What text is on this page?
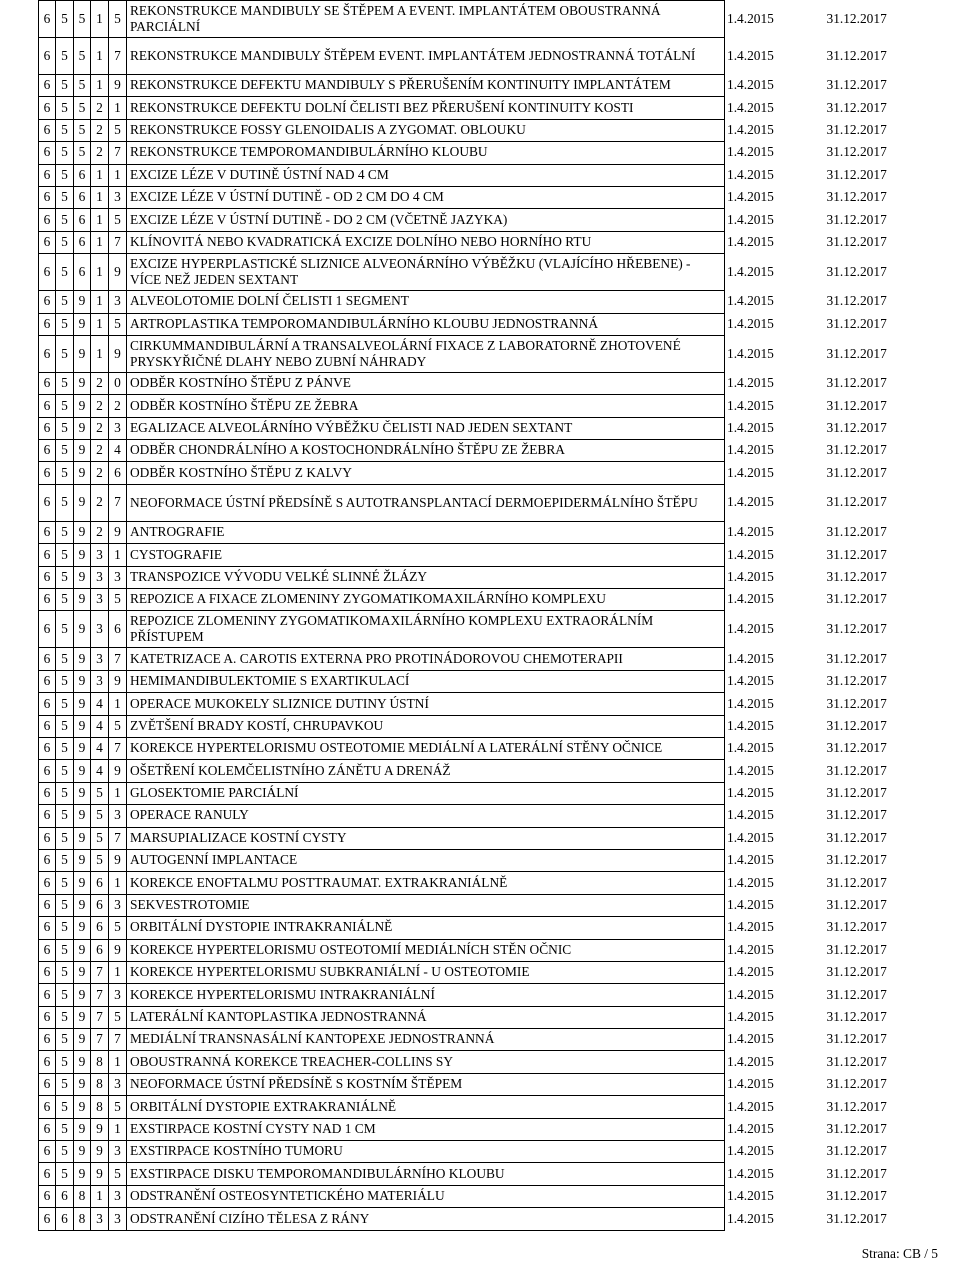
6	5	5	1	5	REKONSTRUKCE MANDIBULY SE ŠTĚPEM A EVENT. IMPLANTÁTEM OBOUSTRANNÁ PARCIÁLNÍ	1.4.2015	31.12.2017
6	5	5	1	7	REKONSTRUKCE MANDIBULY ŠTĚPEM EVENT. IMPLANTÁTEM JEDNOSTRANNÁ TOTÁLNÍ	1.4.2015	31.12.2017
6	5	5	1	9	REKONSTRUKCE DEFEKTU MANDIBULY S PŘERUŠENÍM KONTINUITY IMPLANTÁTEM	1.4.2015	31.12.2017
6	5	5	2	1	REKONSTRUKCE DEFEKTU DOLNÍ ČELISTI BEZ PŘERUŠENÍ KONTINUITY KOSTI	1.4.2015	31.12.2017
6	5	5	2	5	REKONSTRUKCE FOSSY GLENOIDALIS A ZYGOMAT. OBLOUKU	1.4.2015	31.12.2017
6	5	5	2	7	REKONSTRUKCE TEMPOROMANDIBULÁRNÍHO KLOUBU	1.4.2015	31.12.2017
6	5	6	1	1	EXCIZE LÉZE V DUTINĚ ÚSTNÍ NAD 4 CM	1.4.2015	31.12.2017
6	5	6	1	3	EXCIZE LÉZE V ÚSTNÍ DUTINĚ - OD 2 CM DO 4 CM	1.4.2015	31.12.2017
6	5	6	1	5	EXCIZE LÉZE V ÚSTNÍ DUTINĚ - DO 2 CM (VČETNĚ JAZYKA)	1.4.2015	31.12.2017
6	5	6	1	7	KLÍNOVITÁ NEBO KVADRATICKÁ EXCIZE DOLNÍHO NEBO HORNÍHO RTU	1.4.2015	31.12.2017
6	5	6	1	9	EXCIZE HYPERPLASTICKÉ SLIZNICE ALVEONÁRNÍHO VÝBĚŽKU (VLAJÍCÍHO HŘEBENE) - VÍCE NEŽ JEDEN SEXTANT	1.4.2015	31.12.2017
6	5	9	1	3	ALVEOLOTOMIE DOLNÍ ČELISTI 1 SEGMENT	1.4.2015	31.12.2017
6	5	9	1	5	ARTROPLASTIKA TEMPOROMANDIBULÁRNÍHO KLOUBU JEDNOSTRANNÁ	1.4.2015	31.12.2017
6	5	9	1	9	CIRKUMMANDIBULÁRNÍ A TRANSALVEOLÁRNÍ FIXACE Z LABORATORNĚ ZHOTOVENÉ PRYSKYŘIČNÉ DLAHY NEBO ZUBNÍ NÁHRADY	1.4.2015	31.12.2017
6	5	9	2	0	ODBĚR KOSTNÍHO ŠTĚPU Z PÁNVE	1.4.2015	31.12.2017
6	5	9	2	2	ODBĚR KOSTNÍHO ŠTĚPU ZE ŽEBRA	1.4.2015	31.12.2017
6	5	9	2	3	EGALIZACE ALVEOLÁRNÍHO VÝBĚŽKU ČELISTI NAD JEDEN SEXTANT	1.4.2015	31.12.2017
6	5	9	2	4	ODBĚR CHONDRÁLNÍHO A KOSTOCHONDRÁLNÍHO ŠTĚPU ZE ŽEBRA	1.4.2015	31.12.2017
6	5	9	2	6	ODBĚR KOSTNÍHO ŠTĚPU Z KALVY	1.4.2015	31.12.2017
6	5	9	2	7	NEOFORMACE ÚSTNÍ PŘEDSÍNĚ S AUTOTRANSPLANTACÍ DERMOEPIDERMÁLNÍHO ŠTĚPU	1.4.2015	31.12.2017
6	5	9	2	9	ANTROGRAFIE	1.4.2015	31.12.2017
6	5	9	3	1	CYSTOGRAFIE	1.4.2015	31.12.2017
6	5	9	3	3	TRANSPOZICE VÝVODU VELKÉ SLINNÉ ŽLÁZY	1.4.2015	31.12.2017
6	5	9	3	5	REPOZICE A FIXACE ZLOMENINY ZYGOMATIKOMAXILÁRNÍHO KOMPLEXU	1.4.2015	31.12.2017
6	5	9	3	6	REPOZICE ZLOMENINY ZYGOMATIKOMAXILÁRNÍHO KOMPLEXU EXTRAORÁLNÍM PŘÍSTUPEM	1.4.2015	31.12.2017
6	5	9	3	7	KATETRIZACE A. CAROTIS EXTERNA PRO PROTINÁDOROVOU CHEMOTERAPII	1.4.2015	31.12.2017
6	5	9	3	9	HEMIMANDIBULEKTOMIE S EXARTIKULACÍ	1.4.2015	31.12.2017
6	5	9	4	1	OPERACE MUKOKELY SLIZNICE DUTINY ÚSTNÍ	1.4.2015	31.12.2017
6	5	9	4	5	ZVĚTŠENÍ BRADY KOSTÍ, CHRUPAVKOU	1.4.2015	31.12.2017
6	5	9	4	7	KOREKCE HYPERTELORISMU OSTEOTOMIE MEDIÁLNÍ A LATERÁLNÍ STĚNY OČNICE	1.4.2015	31.12.2017
6	5	9	4	9	OŠETŘENÍ KOLEMČELISTNÍHO ZÁNĚTU A DRENÁŽ	1.4.2015	31.12.2017
6	5	9	5	1	GLOSEKTOMIE PARCIÁLNÍ	1.4.2015	31.12.2017
6	5	9	5	3	OPERACE RANULY	1.4.2015	31.12.2017
6	5	9	5	7	MARSUPIALIZACE KOSTNÍ CYSTY	1.4.2015	31.12.2017
6	5	9	5	9	AUTOGENNÍ IMPLANTACE	1.4.2015	31.12.2017
6	5	9	6	1	KOREKCE ENOFTALMU POSTTRAUMAT. EXTRAKRANIÁLNĚ	1.4.2015	31.12.2017
6	5	9	6	3	SEKVESTROTOMIE	1.4.2015	31.12.2017
6	5	9	6	5	ORBITÁLNÍ DYSTOPIE INTRAKRANIÁLNĚ	1.4.2015	31.12.2017
6	5	9	6	9	KOREKCE HYPERTELORISMU OSTEOTOMIÍ MEDIÁLNÍCH STĚN OČNIC	1.4.2015	31.12.2017
6	5	9	7	1	KOREKCE HYPERTELORISMU SUBKRANIÁLNÍ - U OSTEOTOMIE	1.4.2015	31.12.2017
6	5	9	7	3	KOREKCE HYPERTELORISMU INTRAKRANIÁLNÍ	1.4.2015	31.12.2017
6	5	9	7	5	LATERÁLNÍ KANTOPLASTIKA JEDNOSTRANNÁ	1.4.2015	31.12.2017
6	5	9	7	7	MEDIÁLNÍ TRANSNASÁLNÍ KANTOPEXE JEDNOSTRANNÁ	1.4.2015	31.12.2017
6	5	9	8	1	OBOUSTRANNÁ KOREKCE TREACHER-COLLINS SY	1.4.2015	31.12.2017
6	5	9	8	3	NEOFORMACE ÚSTNÍ PŘEDSÍNĚ S KOSTNÍM ŠTĚPEM	1.4.2015	31.12.2017
6	5	9	8	5	ORBITÁLNÍ DYSTOPIE EXTRAKRANIÁLNĚ	1.4.2015	31.12.2017
6	5	9	9	1	EXSTIRPACE KOSTNÍ CYSTY NAD 1 CM	1.4.2015	31.12.2017
6	5	9	9	3	EXSTIRPACE KOSTNÍHO TUMORU	1.4.2015	31.12.2017
6	5	9	9	5	EXSTIRPACE DISKU TEMPOROMANDIBULÁRNÍHO KLOUBU	1.4.2015	31.12.2017
6	6	8	1	3	ODSTRANĚNÍ OSTEOSYNTETICKÉHO MATERIÁLU	1.4.2015	31.12.2017
6	6	8	3	3	ODSTRANĚNÍ CIZÍHO TĚLESA Z RÁNY	1.4.2015	31.12.2017
Strana: CB / 5
